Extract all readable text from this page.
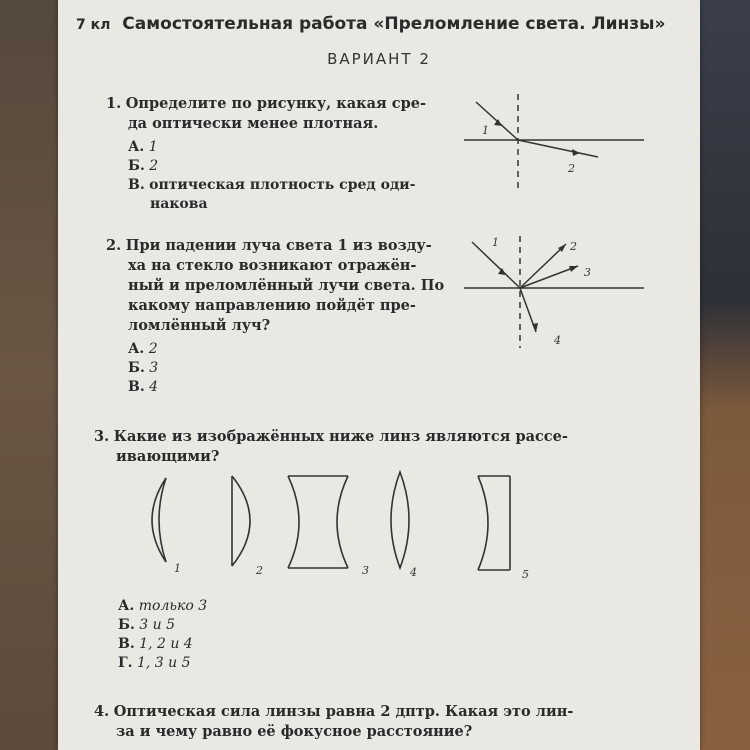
7 кл Самостоятельная работа «Преломление света. Линзы»
ВАРИАНТ 2
1. Определите по рисунку, какая сре-
да оптически менее плотная.
А. 1
Б. 2
В. оптическая плотность сред оди-
накова
1
2
2. При падении луча света 1 из возду-
ха на стекло возникают отражён-
ный и преломлённый лучи света. По
какому направлению пойдёт пре-
ломлённый луч?
А. 2
Б. 3
В. 4
1	2
3
4
3. Какие из изображённых ниже линз являются рассе-
ивающими?
1	2	3	4	5
А. только 3
Б. 3 и 5
В. 1, 2 и 4
Г. 1, 3 и 5
4. Оптическая сила линзы равна 2 дптр. Какая это лин-
за и чему равно её фокусное расстояние?
